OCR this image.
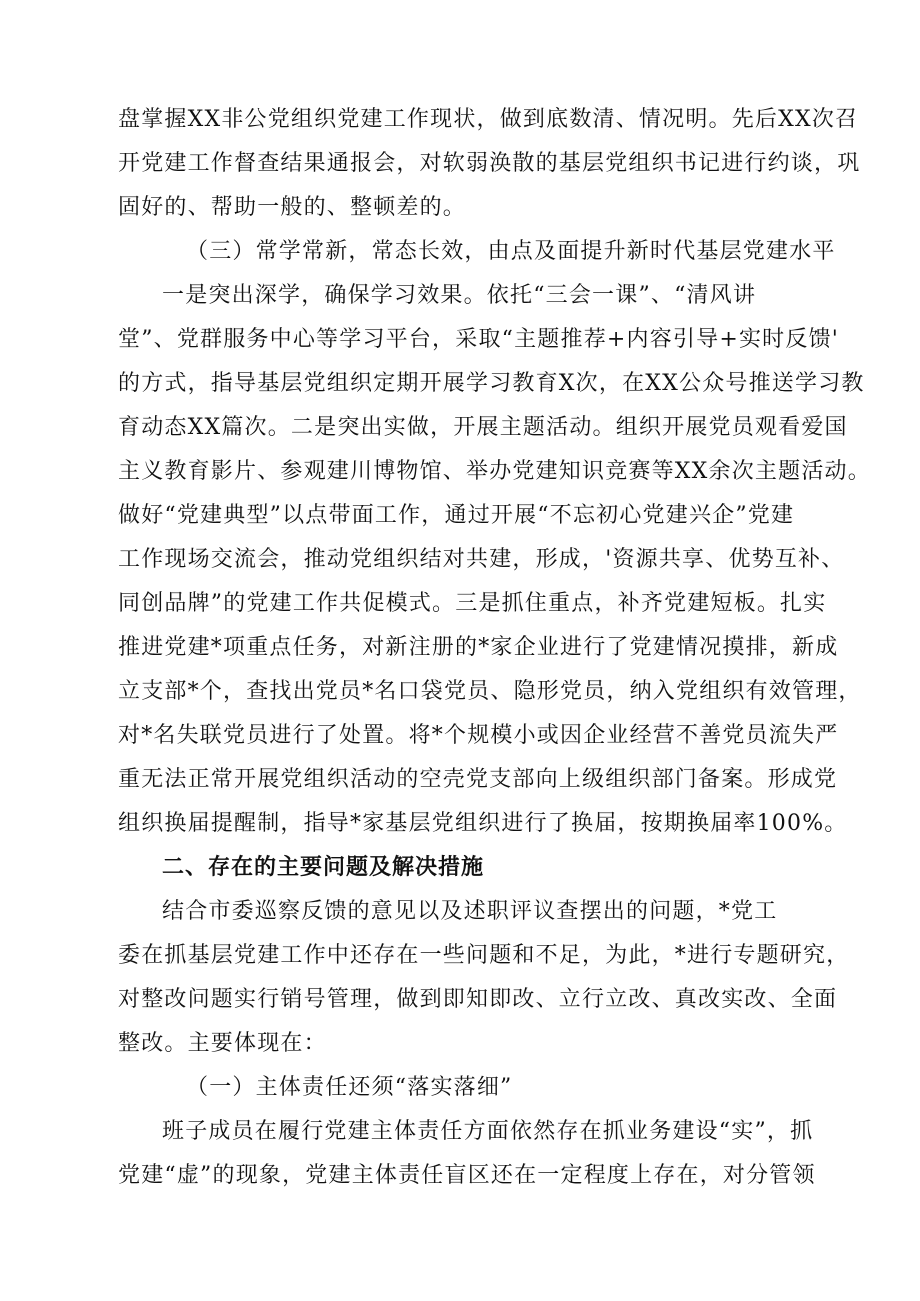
盘掌握XX非公党组织党建工作现状，做到底数清、情况明。先后XX次召
开党建工作督查结果通报会，对软弱涣散的基层党组织书记进行约谈，巩
固好的、帮助一般的、整顿差的。
（三）常学常新，常态长效，由点及面提升新时代基层党建水平
一是突出深学，确保学习效果。依托“三会一课”、“清风讲
堂”、党群服务中心等学习平台，采取“主题推荐+内容引导+实时反馈'
的方式，指导基层党组织定期开展学习教育X次，在XX公众号推送学习教
育动态XX篇次。二是突出实做，开展主题活动。组织开展党员观看爱国
主义教育影片、参观建川博物馆、举办党建知识竞赛等XX余次主题活动。
做好“党建典型”以点带面工作，通过开展“不忘初心党建兴企”党建
工作现场交流会，推动党组织结对共建，形成，'资源共享、优势互补、
同创品牌”的党建工作共促模式。三是抓住重点，补齐党建短板。扎实
推进党建*项重点任务，对新注册的*家企业进行了党建情况摸排，新成
立支部*个，查找出党员*名口袋党员、隐形党员，纳入党组织有效管理，
对*名失联党员进行了处置。将*个规模小或因企业经营不善党员流失严
重无法正常开展党组织活动的空壳党支部向上级组织部门备案。形成党
组织换届提醒制，指导*家基层党组织进行了换届，按期换届率100%。
二、存在的主要问题及解决措施
结合市委巡察反馈的意见以及述职评议查摆出的问题，*党工
委在抓基层党建工作中还存在一些问题和不足，为此，*进行专题研究，
对整改问题实行销号管理，做到即知即改、立行立改、真改实改、全面
整改。主要体现在：
（一）主体责任还须“落实落细”
班子成员在履行党建主体责任方面依然存在抓业务建设“实”，抓
党建“虚”的现象，党建主体责任盲区还在一定程度上存在，对分管领
